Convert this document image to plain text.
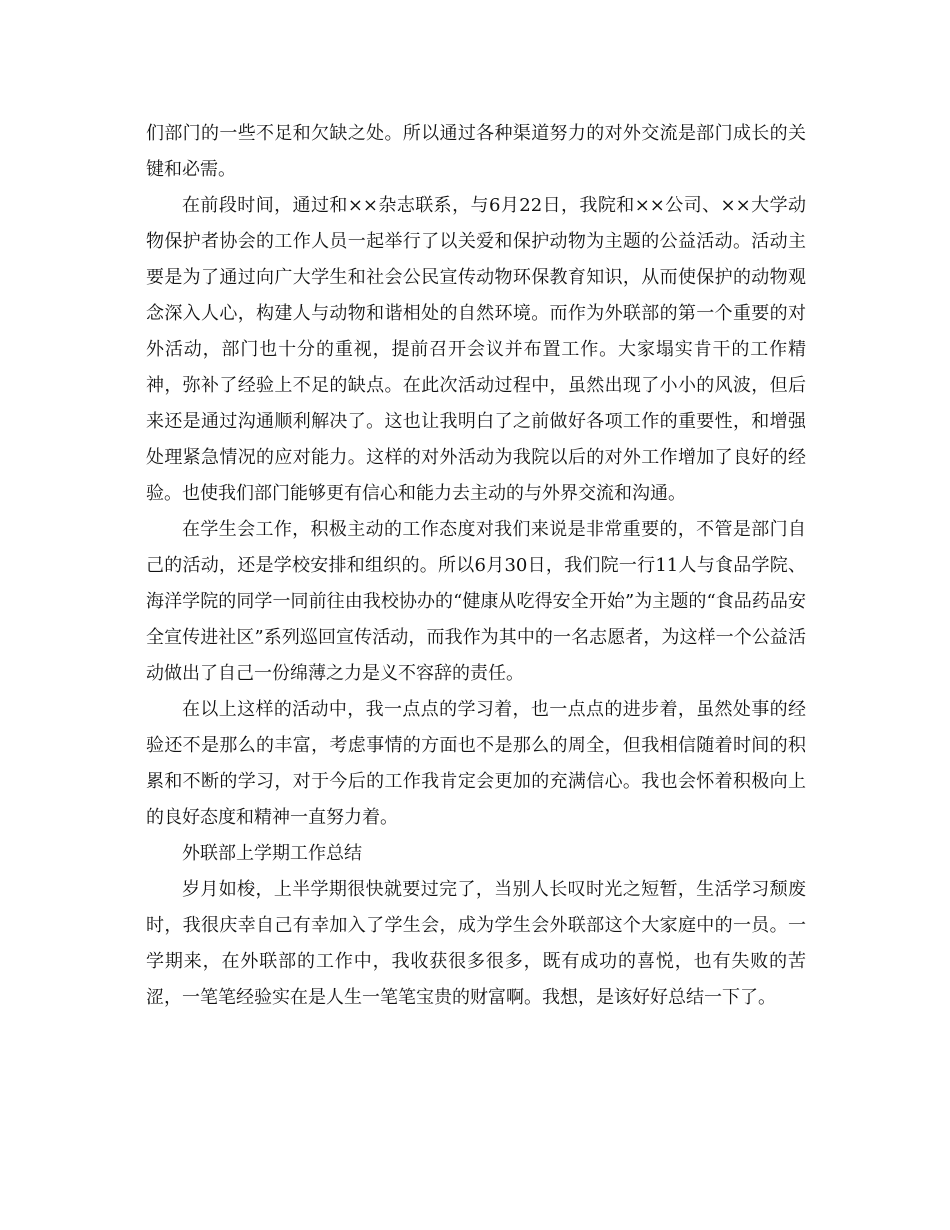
们部门的一些不足和欠缺之处。所以通过各种渠道努力的对外交流是部门成长的关键和必需。

在前段时间，通过和××杂志联系，与6月22日，我院和××公司、××大学动物保护者协会的工作人员一起举行了以关爱和保护动物为主题的公益活动。活动主要是为了通过向广大学生和社会公民宣传动物环保教育知识，从而使保护的动物观念深入人心，构建人与动物和谐相处的自然环境。而作为外联部的第一个重要的对外活动，部门也十分的重视，提前召开会议并布置工作。大家塌实肯干的工作精神，弥补了经验上不足的缺点。在此次活动过程中，虽然出现了小小的风波，但后来还是通过沟通顺利解决了。这也让我明白了之前做好各项工作的重要性，和增强处理紧急情况的应对能力。这样的对外活动为我院以后的对外工作增加了良好的经验。也使我们部门能够更有信心和能力去主动的与外界交流和沟通。

在学生会工作，积极主动的工作态度对我们来说是非常重要的，不管是部门自己的活动，还是学校安排和组织的。所以6月30日，我们院一行11人与食品学院、海洋学院的同学一同前往由我校协办的“健康从吃得安全开始”为主题的“食品药品安全宣传进社区”系列巡回宣传活动，而我作为其中的一名志愿者，为这样一个公益活动做出了自己一份绵薄之力是义不容辞的责任。

在以上这样的活动中，我一点点的学习着，也一点点的进步着，虽然处事的经验还不是那么的丰富，考虑事情的方面也不是那么的周全，但我相信随着时间的积累和不断的学习，对于今后的工作我肯定会更加的充满信心。我也会怀着积极向上的良好态度和精神一直努力着。

外联部上学期工作总结

岁月如梭，上半学期很快就要过完了，当别人长叹时光之短暂，生活学习颓废时，我很庆幸自己有幸加入了学生会，成为学生会外联部这个大家庭中的一员。一学期来，在外联部的工作中，我收获很多很多，既有成功的喜悦，也有失败的苦涩，一笔笔经验实在是人生一笔笔宝贵的财富啊。我想，是该好好总结一下了。
